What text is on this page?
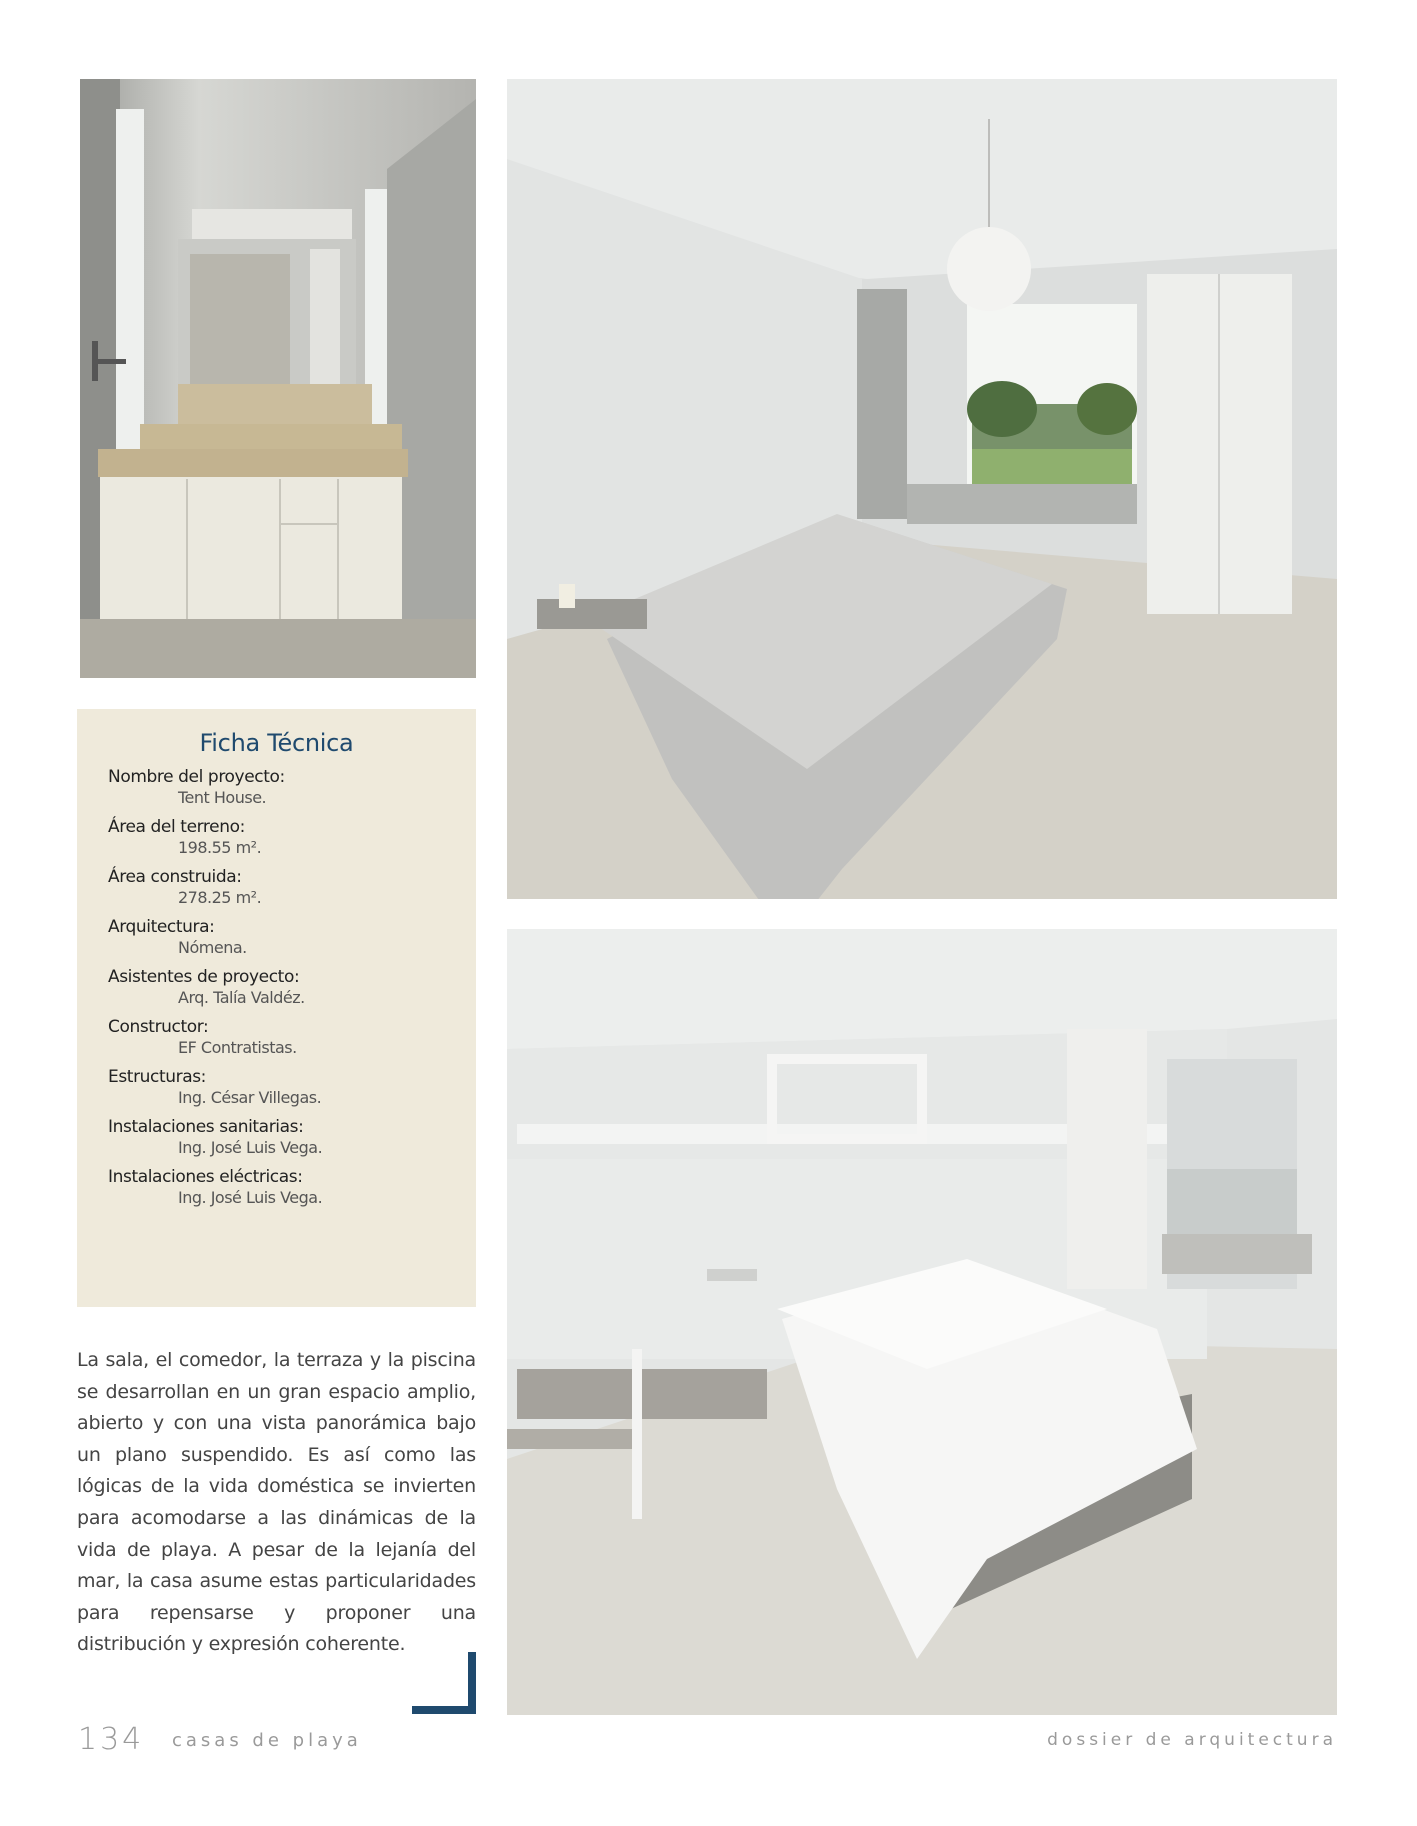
Ficha Técnica
Nombre del proyecto:
Tent House.
Área del terreno:
198.55 m².
Área construida:
278.25 m².
Arquitectura:
Nómena.
Asistentes de proyecto:
Arq. Talía Valdéz.
Constructor:
EF Contratistas.
Estructuras:
Ing. César Villegas.
Instalaciones sanitarias:
Ing. José Luis Vega.
Instalaciones eléctricas:
Ing. José Luis Vega.

La sala, el comedor, la terraza y la piscina se desarrollan en un gran espacio amplio, abierto y con una vista panorámica bajo un plano suspendido. Es así como las lógicas de la vida doméstica se invierten para acomodarse a las dinámicas de la vida de playa. A pesar de la lejanía del mar, la casa asume estas particularidades para repensarse y proponer una distribución y expresión coherente.

134 casas de playa	dossier de arquitectura
